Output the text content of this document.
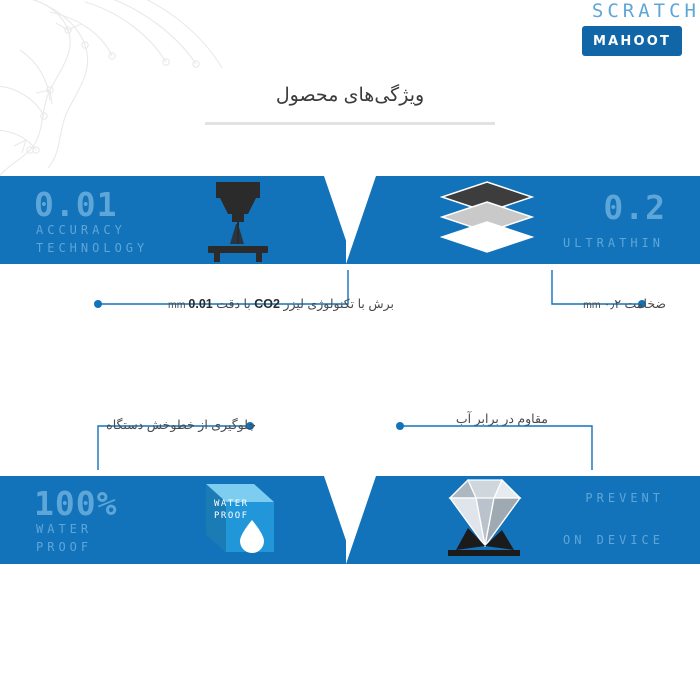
MAHOOT
ویژگی‌های محصول
0.01
ACCURACY
TECHNOLOGY
برش با تکنولوژی لیزر CO2 با دقت 0.01 mm
0.2
ULTRATHIN
ضخامت ۰٫۲ mm
100%
WATER
PROOF
WATER
PROOF
مقاوم در برابر آب
PREVENT
SCRATCH
ON DEVICE
جلوگیری از خطوخش دستگاه
